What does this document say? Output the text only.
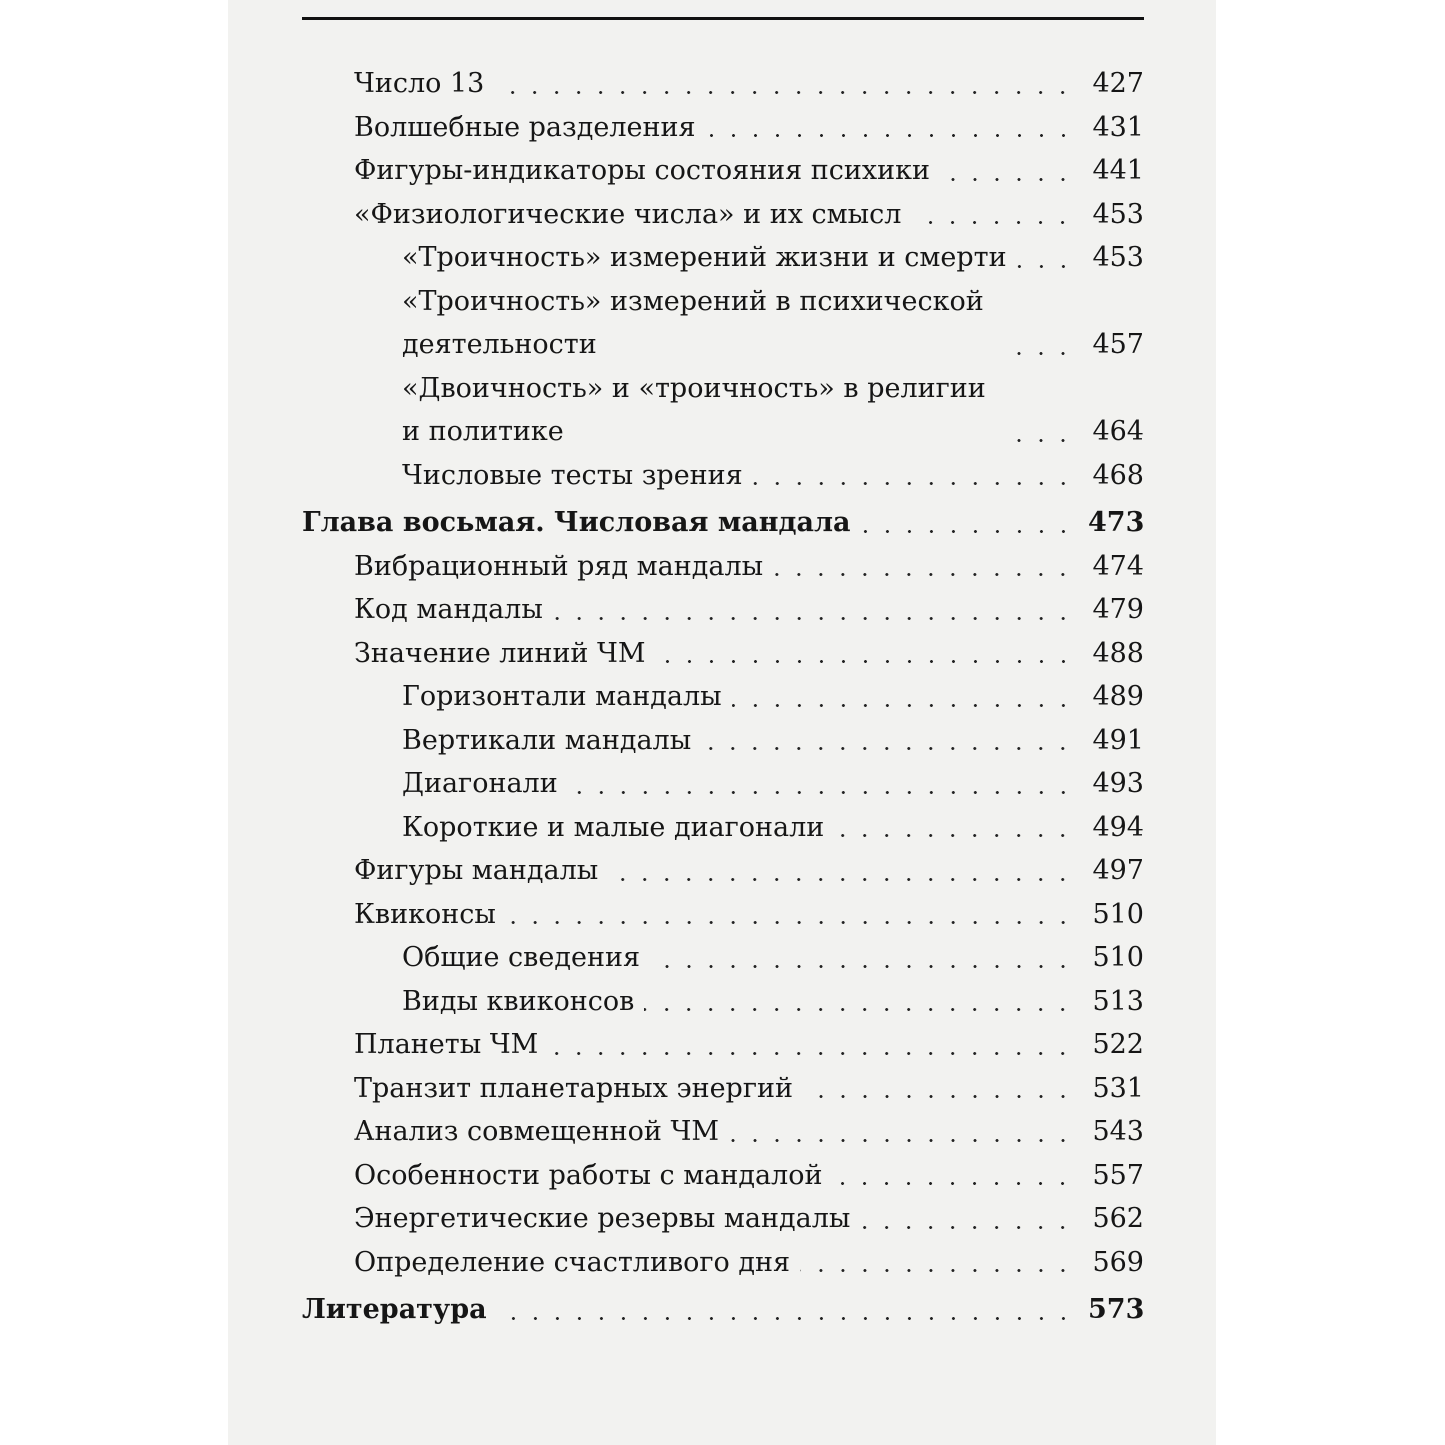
Число 13	427
Волшебные разделения	431
Фигуры-индикаторы состояния психики	441
«Физиологические числа» и их смысл	453
«Троичность» измерений жизни и смерти	453
«Троичность» измерений в психической деятельности	457
«Двоичность» и «троичность» в религии и политике	464
Числовые тесты зрения	468
Глава восьмая. Числовая мандала	473
Вибрационный ряд мандалы	474
Код мандалы	479
Значение линий ЧМ	488
Горизонтали мандалы	489
Вертикали мандалы	491
Диагонали	493
Короткие и малые диагонали	494
Фигуры мандалы	497
Квиконсы	510
Общие сведения	510
Виды квиконсов	513
Планеты ЧМ	522
Транзит планетарных энергий	531
Анализ совмещенной ЧМ	543
Особенности работы с мандалой	557
Энергетические резервы мандалы	562
Определение счастливого дня	569
Литература	573
